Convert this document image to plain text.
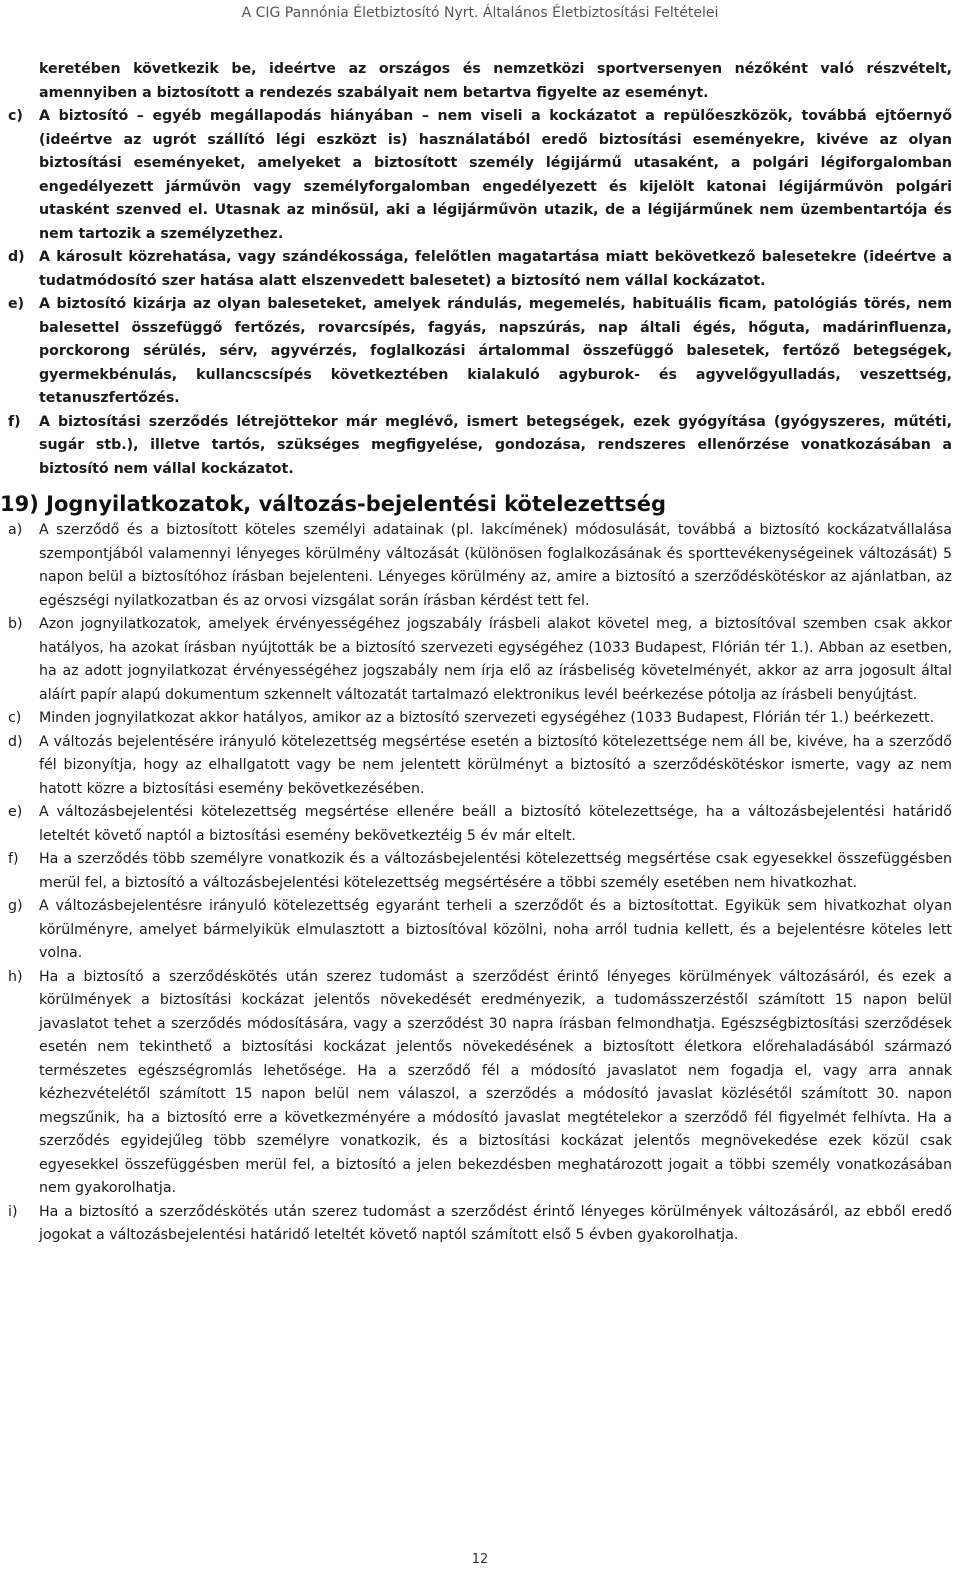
A CIG Pannónia Életbiztosító Nyrt. Általános Életbiztosítási Feltételei

keretében következik be, ideértve az országos és nemzetközi sportversenyen nézőként való részvételt, amennyiben a biztosított a rendezés szabályait nem betartva figyelte az eseményt.

c) A biztosító – egyéb megállapodás hiányában – nem viseli a kockázatot a repülőeszközök, továbbá ejtőernyő (ideértve az ugrót szállító légi eszközt is) használatából eredő biztosítási eseményekre, kivéve az olyan biztosítási eseményeket, amelyeket a biztosított személy légijármű utasaként, a polgári légiforgalomban engedélyezett járművön vagy személyforgalomban engedélyezett és kijelölt katonai légijárművön polgári utasként szenved el. Utasnak az minősül, aki a légijárművön utazik, de a légijárműnek nem üzembentartója és nem tartozik a személyzethez.

d) A károsult közrehatása, vagy szándékossága, felelőtlen magatartása miatt bekövetkező balesetekre (ideértve a tudatmódosító szer hatása alatt elszenvedett balesetet) a biztosító nem vállal kockázatot.

e) A biztosító kizárja az olyan baleseteket, amelyek rándulás, megemelés, habituális ficam, patológiás törés, nem balesettel összefüggő fertőzés, rovarcsípés, fagyás, napszúrás, nap általi égés, hőguta, madárinfluenza, porckorong sérülés, sérv, agyvérzés, foglalkozási ártalommal összefüggő balesetek, fertőző betegségek, gyermekbénulás, kullancscsípés következtében kialakuló agyburok- és agyvelőgyulladás, veszettség, tetanuszfertőzés.

f) A biztosítási szerződés létrejöttekor már meglévő, ismert betegségek, ezek gyógyítása (gyógyszeres, műtéti, sugár stb.), illetve tartós, szükséges megfigyelése, gondozása, rendszeres ellenőrzése vonatkozásában a biztosító nem vállal kockázatot.

19) Jognyilatkozatok, változás-bejelentési kötelezettség

a) A szerződő és a biztosított köteles személyi adatainak (pl. lakcímének) módosulását, továbbá a biztosító kockázatvállalása szempontjából valamennyi lényeges körülmény változását (különösen foglalkozásának és sporttevékenységeinek változását) 5 napon belül a biztosítóhoz írásban bejelenteni. Lényeges körülmény az, amire a biztosító a szerződéskötéskor az ajánlatban, az egészségi nyilatkozatban és az orvosi vizsgálat során írásban kérdést tett fel.

b) Azon jognyilatkozatok, amelyek érvényességéhez jogszabály írásbeli alakot követel meg, a biztosítóval szemben csak akkor hatályos, ha azokat írásban nyújtották be a biztosító szervezeti egységéhez (1033 Budapest, Flórián tér 1.). Abban az esetben, ha az adott jognyilatkozat érvényességéhez jogszabály nem írja elő az írásbeliség követelményét, akkor az arra jogosult által aláírt papír alapú dokumentum szkennelt változatát tartalmazó elektronikus levél beérkezése pótolja az írásbeli benyújtást.

c) Minden jognyilatkozat akkor hatályos, amikor az a biztosító szervezeti egységéhez (1033 Budapest, Flórián tér 1.) beérkezett.

d) A változás bejelentésére irányuló kötelezettség megsértése esetén a biztosító kötelezettsége nem áll be, kivéve, ha a szerződő fél bizonyítja, hogy az elhallgatott vagy be nem jelentett körülményt a biztosító a szerződéskötéskor ismerte, vagy az nem hatott közre a biztosítási esemény bekövetkezésében.

e) A változásbejelentési kötelezettség megsértése ellenére beáll a biztosító kötelezettsége, ha a változásbejelentési határidő leteltét követő naptól a biztosítási esemény bekövetkeztéig 5 év már eltelt.

f) Ha a szerződés több személyre vonatkozik és a változásbejelentési kötelezettség megsértése csak egyesekkel összefüggésben merül fel, a biztosító a változásbejelentési kötelezettség megsértésére a többi személy esetében nem hivatkozhat.

g) A változásbejelentésre irányuló kötelezettség egyaránt terheli a szerződőt és a biztosítottat. Egyikük sem hivatkozhat olyan körülményre, amelyet bármelyikük elmulasztott a biztosítóval közölni, noha arról tudnia kellett, és a bejelentésre köteles lett volna.

h) Ha a biztosító a szerződéskötés után szerez tudomást a szerződést érintő lényeges körülmények változásáról, és ezek a körülmények a biztosítási kockázat jelentős növekedését eredményezik, a tudomásszerzéstől számított 15 napon belül javaslatot tehet a szerződés módosítására, vagy a szerződést 30 napra írásban felmondhatja. Egészségbiztosítási szerződések esetén nem tekinthető a biztosítási kockázat jelentős növekedésének a biztosított életkora előrehaladásából származó természetes egészségromlás lehetősége. Ha a szerződő fél a módosító javaslatot nem fogadja el, vagy arra annak kézhezvételétől számított 15 napon belül nem válaszol, a szerződés a módosító javaslat közlésétől számított 30. napon megszűnik, ha a biztosító erre a következményére a módosító javaslat megtételekor a szerződő fél figyelmét felhívta. Ha a szerződés egyidejűleg több személyre vonatkozik, és a biztosítási kockázat jelentős megnövekedése ezek közül csak egyesekkel összefüggésben merül fel, a biztosító a jelen bekezdésben meghatározott jogait a többi személy vonatkozásában nem gyakorolhatja.

i) Ha a biztosító a szerződéskötés után szerez tudomást a szerződést érintő lényeges körülmények változásáról, az ebből eredő jogokat a változásbejelentési határidő leteltét követő naptól számított első 5 évben gyakorolhatja.

12
